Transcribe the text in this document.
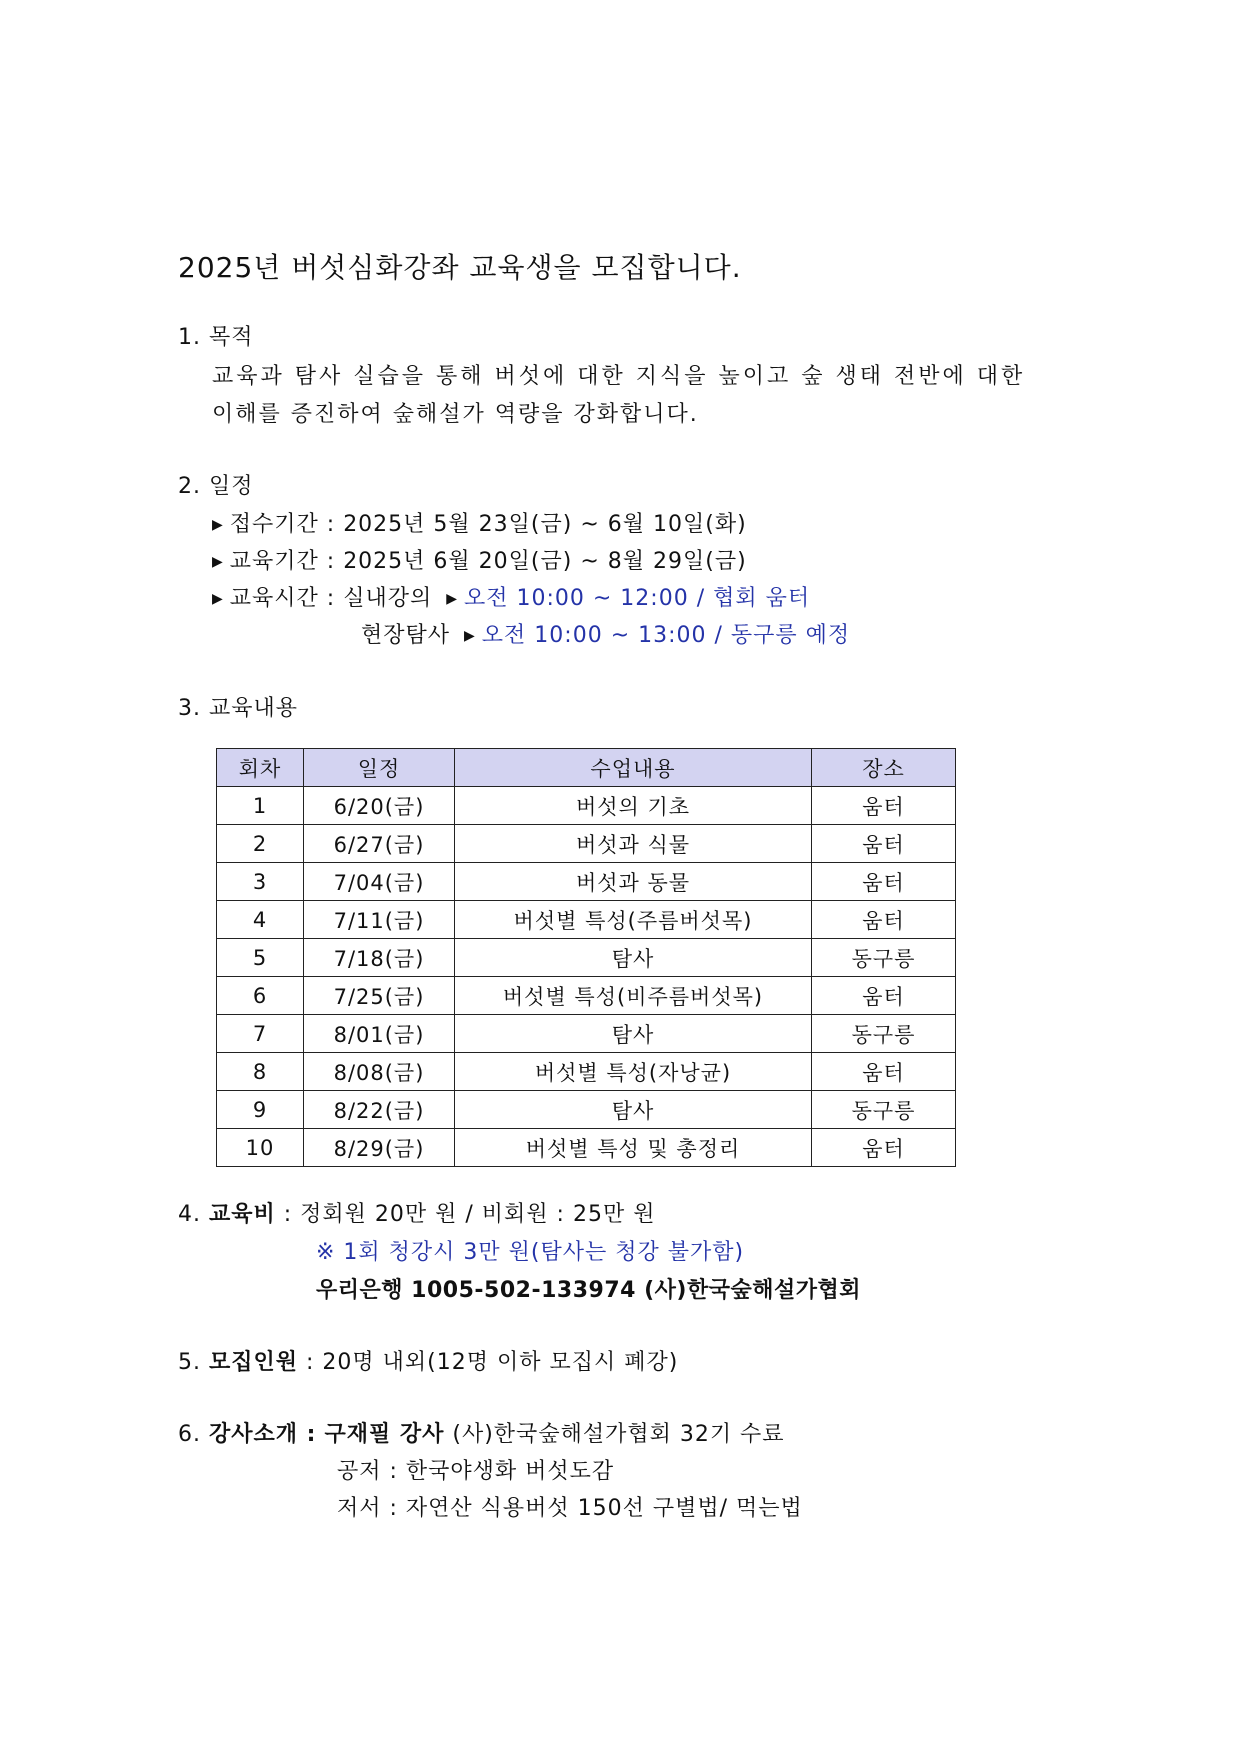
2025년 버섯심화강좌 교육생을 모집합니다.
1. 목적
교육과 탐사 실습을 통해 버섯에 대한 지식을 높이고 숲 생태 전반에 대한
이해를 증진하여 숲해설가 역량을 강화합니다.
2. 일정
▶ 접수기간 : 2025년 5월 23일(금) ~ 6월 10일(화)
▶ 교육기간 : 2025년 6월 20일(금) ~ 8월 29일(금)
▶ 교육시간 : 실내강의 ▶ 오전 10:00 ~ 12:00 / 협회 움터
현장탐사 ▶ 오전 10:00 ~ 13:00 / 동구릉 예정
3. 교육내용
회차	일정	수업내용	장소
1	6/20(금)	버섯의 기초	움터
2	6/27(금)	버섯과 식물	움터
3	7/04(금)	버섯과 동물	움터
4	7/11(금)	버섯별 특성(주름버섯목)	움터
5	7/18(금)	탐사	동구릉
6	7/25(금)	버섯별 특성(비주름버섯목)	움터
7	8/01(금)	탐사	동구릉
8	8/08(금)	버섯별 특성(자낭균)	움터
9	8/22(금)	탐사	동구릉
10	8/29(금)	버섯별 특성 및 총정리	움터
4. 교육비 : 정회원 20만 원 / 비회원 : 25만 원
※ 1회 청강시 3만 원(탐사는 청강 불가함)
우리은행 1005-502-133974 (사)한국숲해설가협회
5. 모집인원 : 20명 내외(12명 이하 모집시 폐강)
6. 강사소개 : 구재필 강사 (사)한국숲해설가협회 32기 수료
공저 : 한국야생화 버섯도감
저서 : 자연산 식용버섯 150선 구별법/ 먹는법
